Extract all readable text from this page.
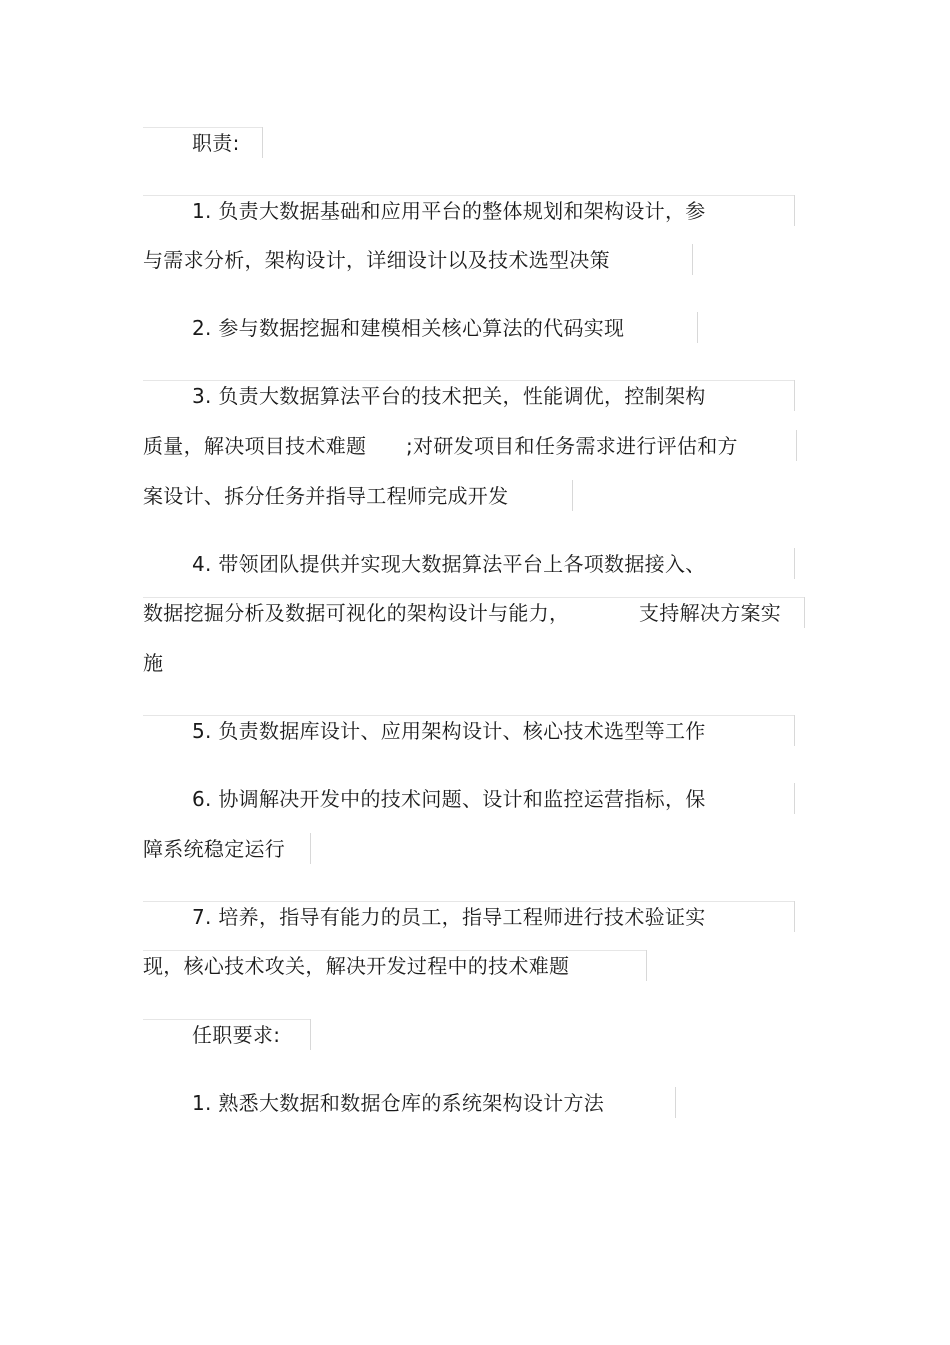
职责:
1. 负责大数据基础和应用平台的整体规划和架构设计，参
与需求分析，架构设计，详细设计以及技术选型决策
2. 参与数据挖掘和建模相关核心算法的代码实现
3. 负责大数据算法平台的技术把关，性能调优，控制架构
质量，解决项目技术难题 ;对研发项目和任务需求进行评估和方
案设计、拆分任务并指导工程师完成开发
4. 带领团队提供并实现大数据算法平台上各项数据接入、
数据挖掘分析及数据可视化的架构设计与能力，	支持解决方案实
施
5. 负责数据库设计、应用架构设计、核心技术选型等工作
6. 协调解决开发中的技术问题、设计和监控运营指标，保
障系统稳定运行
7. 培养，指导有能力的员工，指导工程师进行技术验证实
现，核心技术攻关，解决开发过程中的技术难题
任职要求:
1. 熟悉大数据和数据仓库的系统架构设计方法
